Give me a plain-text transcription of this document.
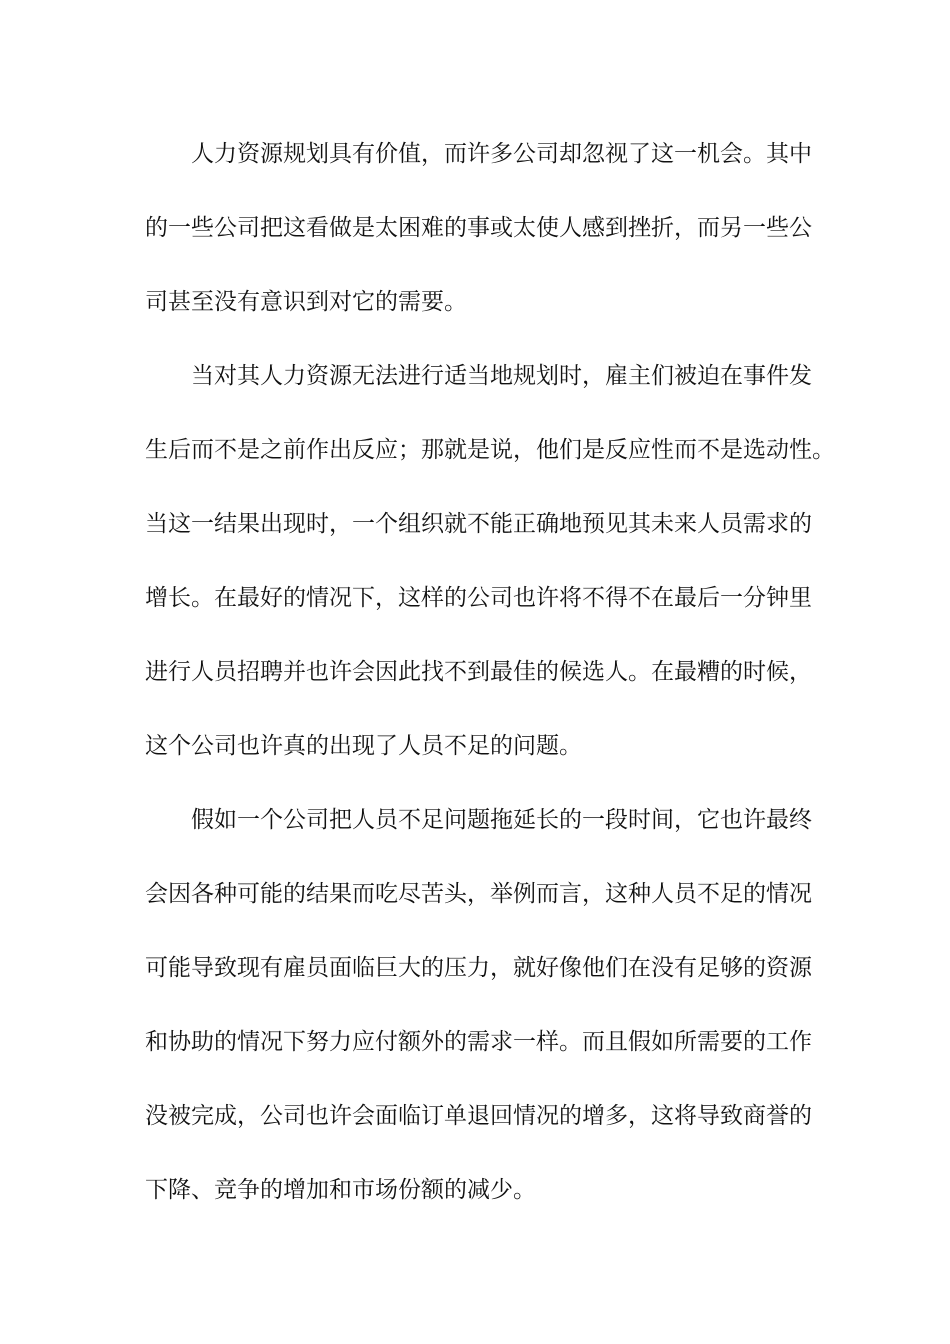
人力资源规划具有价值，而许多公司却忽视了这一机会。其中
的一些公司把这看做是太困难的事或太使人感到挫折，而另一些公
司甚至没有意识到对它的需要。
当对其人力资源无法进行适当地规划时，雇主们被迫在事件发
生后而不是之前作出反应；那就是说，他们是反应性而不是选动性。
当这一结果出现时，一个组织就不能正确地预见其未来人员需求的
增长。在最好的情况下，这样的公司也许将不得不在最后一分钟里
进行人员招聘并也许会因此找不到最佳的候选人。在最糟的时候，
这个公司也许真的出现了人员不足的问题。
假如一个公司把人员不足问题拖延长的一段时间，它也许最终
会因各种可能的结果而吃尽苦头，举例而言，这种人员不足的情况
可能导致现有雇员面临巨大的压力，就好像他们在没有足够的资源
和协助的情况下努力应付额外的需求一样。而且假如所需要的工作
没被完成，公司也许会面临订单退回情况的增多，这将导致商誉的
下降、竞争的增加和市场份额的减少。
